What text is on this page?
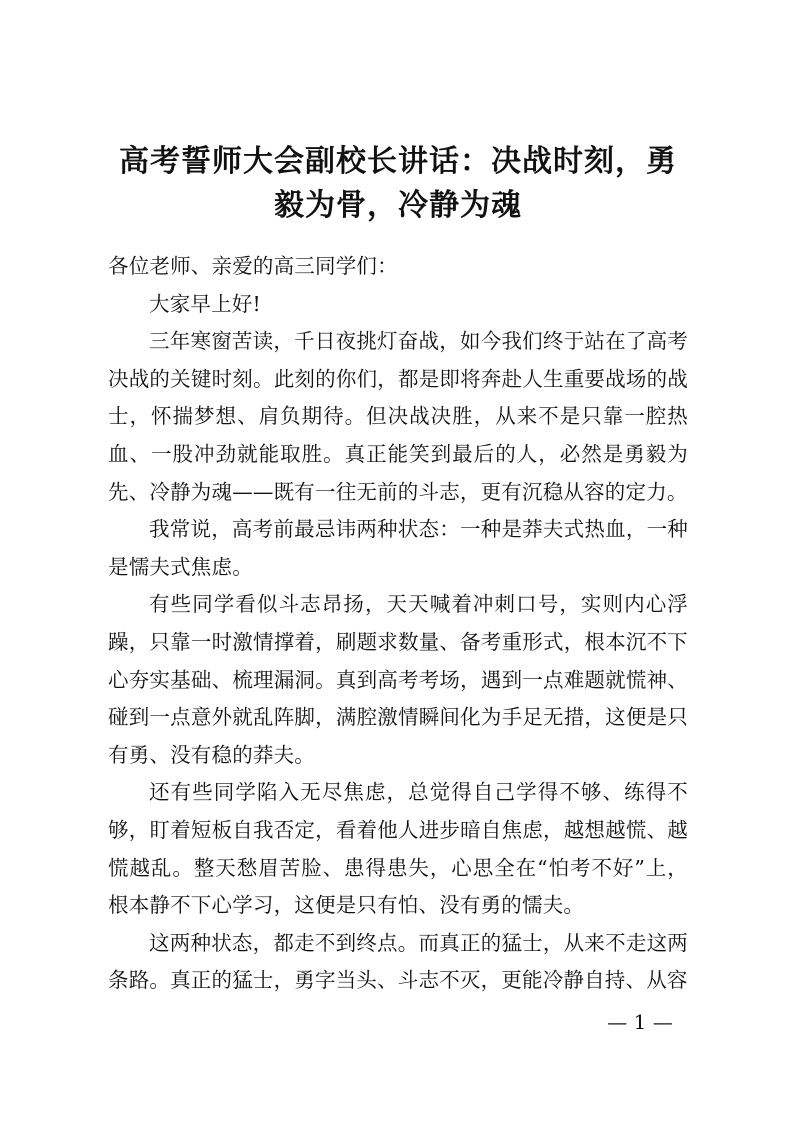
高考誓师大会副校长讲话：决战时刻，勇毅为骨，冷静为魂

各位老师、亲爱的高三同学们：

大家早上好!

三年寒窗苦读，千日夜挑灯奋战，如今我们终于站在了高考决战的关键时刻。此刻的你们，都是即将奔赴人生重要战场的战士，怀揣梦想、肩负期待。但决战决胜，从来不是只靠一腔热血、一股冲劲就能取胜。真正能笑到最后的人，必然是勇毅为先、冷静为魂——既有一往无前的斗志，更有沉稳从容的定力。

我常说，高考前最忌讳两种状态：一种是莽夫式热血，一种是懦夫式焦虑。

有些同学看似斗志昂扬，天天喊着冲刺口号，实则内心浮躁，只靠一时激情撑着，刷题求数量、备考重形式，根本沉不下心夯实基础、梳理漏洞。真到高考考场，遇到一点难题就慌神、碰到一点意外就乱阵脚，满腔激情瞬间化为手足无措，这便是只有勇、没有稳的莽夫。

还有些同学陷入无尽焦虑，总觉得自己学得不够、练得不够，盯着短板自我否定，看着他人进步暗自焦虑，越想越慌、越慌越乱。整天愁眉苦脸、患得患失，心思全在“怕考不好”上，根本静不下心学习，这便是只有怕、没有勇的懦夫。

这两种状态，都走不到终点。而真正的猛士，从来不走这两条路。真正的猛士，勇字当头、斗志不灭，更能冷静自持、从容

— 1 —
